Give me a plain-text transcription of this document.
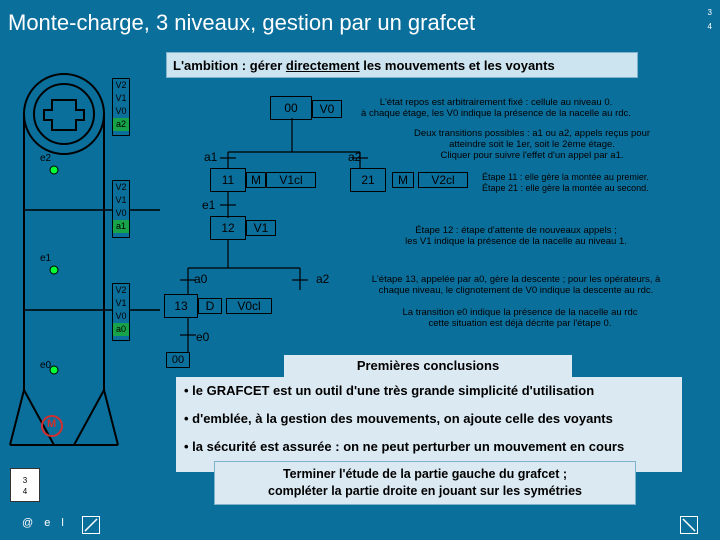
Monte-charge, 3 niveaux, gestion par un grafcet	3
4
L'ambition : gérer directement les mouvements et les voyants
e2
e1
e0
M
V2
V1
V0
a2
V2
V1
V0
a1
V2
V1
V0
a0
00	V0
a1	a2
11	M	V1cl	21	M	V2cl
e1
12	V1
a0	a2
13	D	V0cl
e0
00
L'état repos est arbitrairement fixé : cellule au niveau 0.
à chaque étage, les V0 indique la présence de la nacelle au rdc.
Deux transitions possibles : a1 ou a2, appels reçus pour
atteindre soit le 1er, soit le 2ème étage.
Cliquer pour suivre l'effet d'un appel par a1.
Étape 11 : elle gère la montée au premier.
Étape 21 : elle gère la montée au second.
Étape 12 : étape d'attente de nouveaux appels ;
les V1 indique la présence de la nacelle au niveau 1.
L'étape 13, appelée par a0, gère la descente ; pour les opérateurs, à
chaque niveau, le clignotement de V0 indique la descente au rdc.
La transition e0 indique la présence de la nacelle au rdc
cette situation est déjà décrite par l'étape 0.
Premières conclusions
• le GRAFCET est un outil d'une très grande simplicité d'utilisation
• d'emblée, à la gestion des mouvements, on ajoute celle des voyants
• la sécurité est assurée : on ne peut perturber un mouvement en cours
Terminer l'étude de la partie gauche du grafcet ;
compléter la partie droite en jouant sur les symétries
3
4
@ e l
